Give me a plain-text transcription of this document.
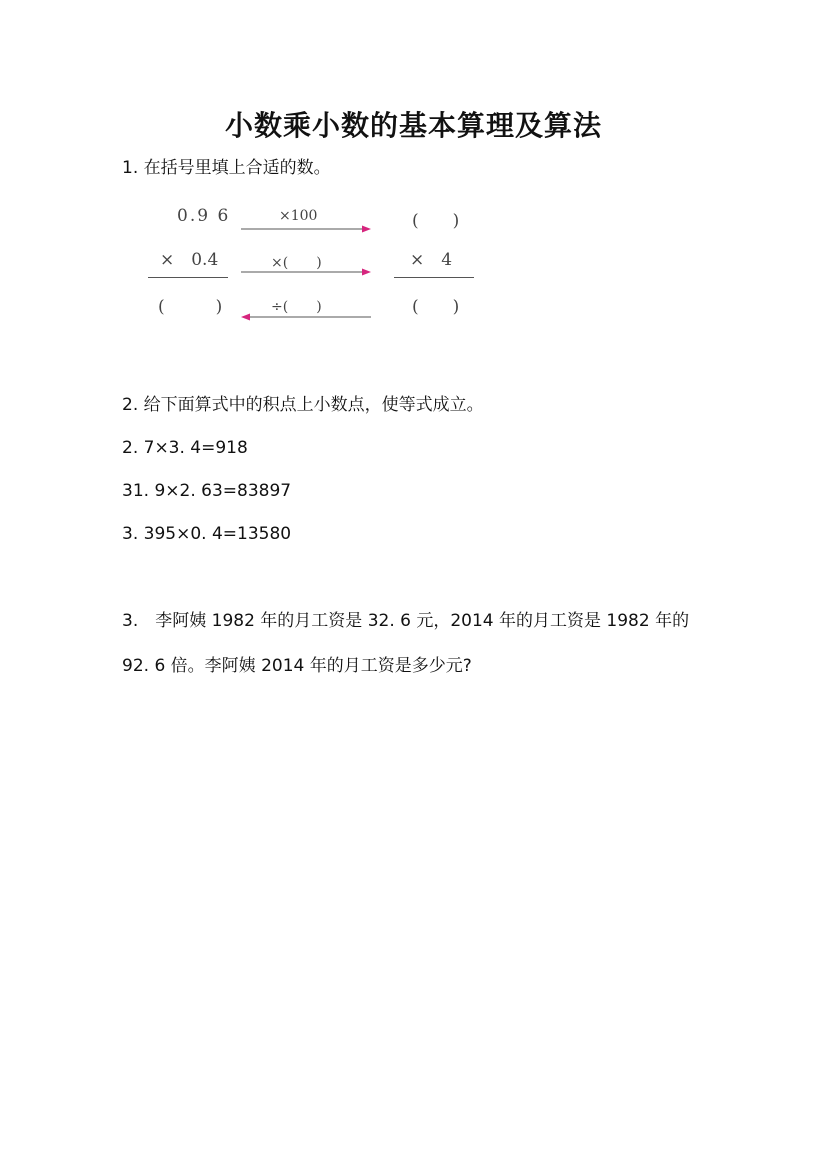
小数乘小数的基本算理及算法
1. 在括号里填上合适的数。
0.9 6
×　0.4
(　　　)
(　　)
×　4
(　　)
×100
×(　　)
÷(　　)
2. 给下面算式中的积点上小数点，使等式成立。
2. 7×3. 4=918
31. 9×2. 63=83897
3. 395×0. 4=13580
3.　李阿姨 1982 年的月工资是 32. 6 元，2014 年的月工资是 1982 年的
92. 6 倍。李阿姨 2014 年的月工资是多少元?
